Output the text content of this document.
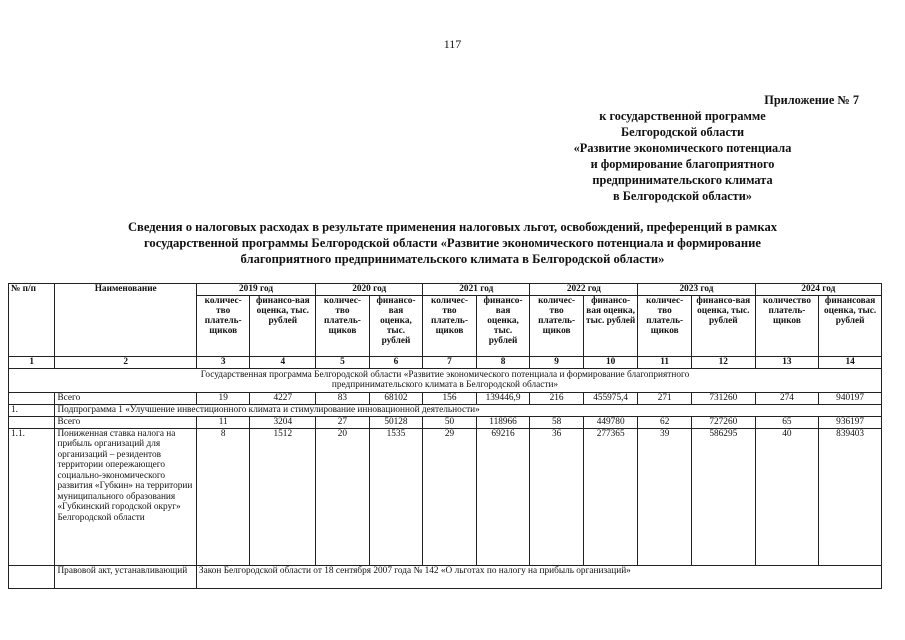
117
Приложение № 7
к государственной программе
Белгородской области
«Развитие экономического потенциала
и формирование благоприятного
предпринимательского климата
в Белгородской области»
Сведения о налоговых расходах в результате применения налоговых льгот, освобождений, преференций в рамках
государственной программы Белгородской области «Развитие экономического потенциала и формирование
благоприятного предпринимательского климата в Белгородской области»
№ п/п	Наименование	2019 год		2020 год		2021 год		2022 год		2023 год		2024 год	
		количес-тво платель-щиков	финансо-вая оценка, тыс. рублей	количес-тво платель-щиков	финансо-вая оценка, тыс. рублей	количес-тво платель-щиков	финансо-вая оценка, тыс. рублей	количес-тво платель-щиков	финансо-вая оценка, тыс. рублей	количес-тво платель-щиков	финансо-вая оценка, тыс. рублей	количество платель-щиков	финансовая оценка, тыс. рублей
1	2	3	4	5	6	7	8	9	10	11	12	13	14
Государственная программа Белгородской области «Развитие экономического потенциала и формирование благоприятного предпринимательского климата в Белгородской области»													
	Всего	19	4227	83	68102	156	139446,9	216	455975,4	271	731260	274	940197
1.	Подпрограмма 1 «Улучшение инвестиционного климата и стимулирование инновационной деятельности»												
	Всего	11	3204	27	50128	50	118966	58	449780	62	727260	65	936197
1.1.	Пониженная ставка налога на прибыль организаций для организаций – резидентов территории опережающего социально-экономического развития «Губкин» на территории муниципального образования «Губкинский городской округ» Белгородской области	8	1512	20	1535	29	69216	36	277365	39	586295	40	839403
	Правовой акт, устанавливающий	Закон Белгородской области от 18 сентября 2007 года № 142 «О льготах по налогу на прибыль организаций»											
